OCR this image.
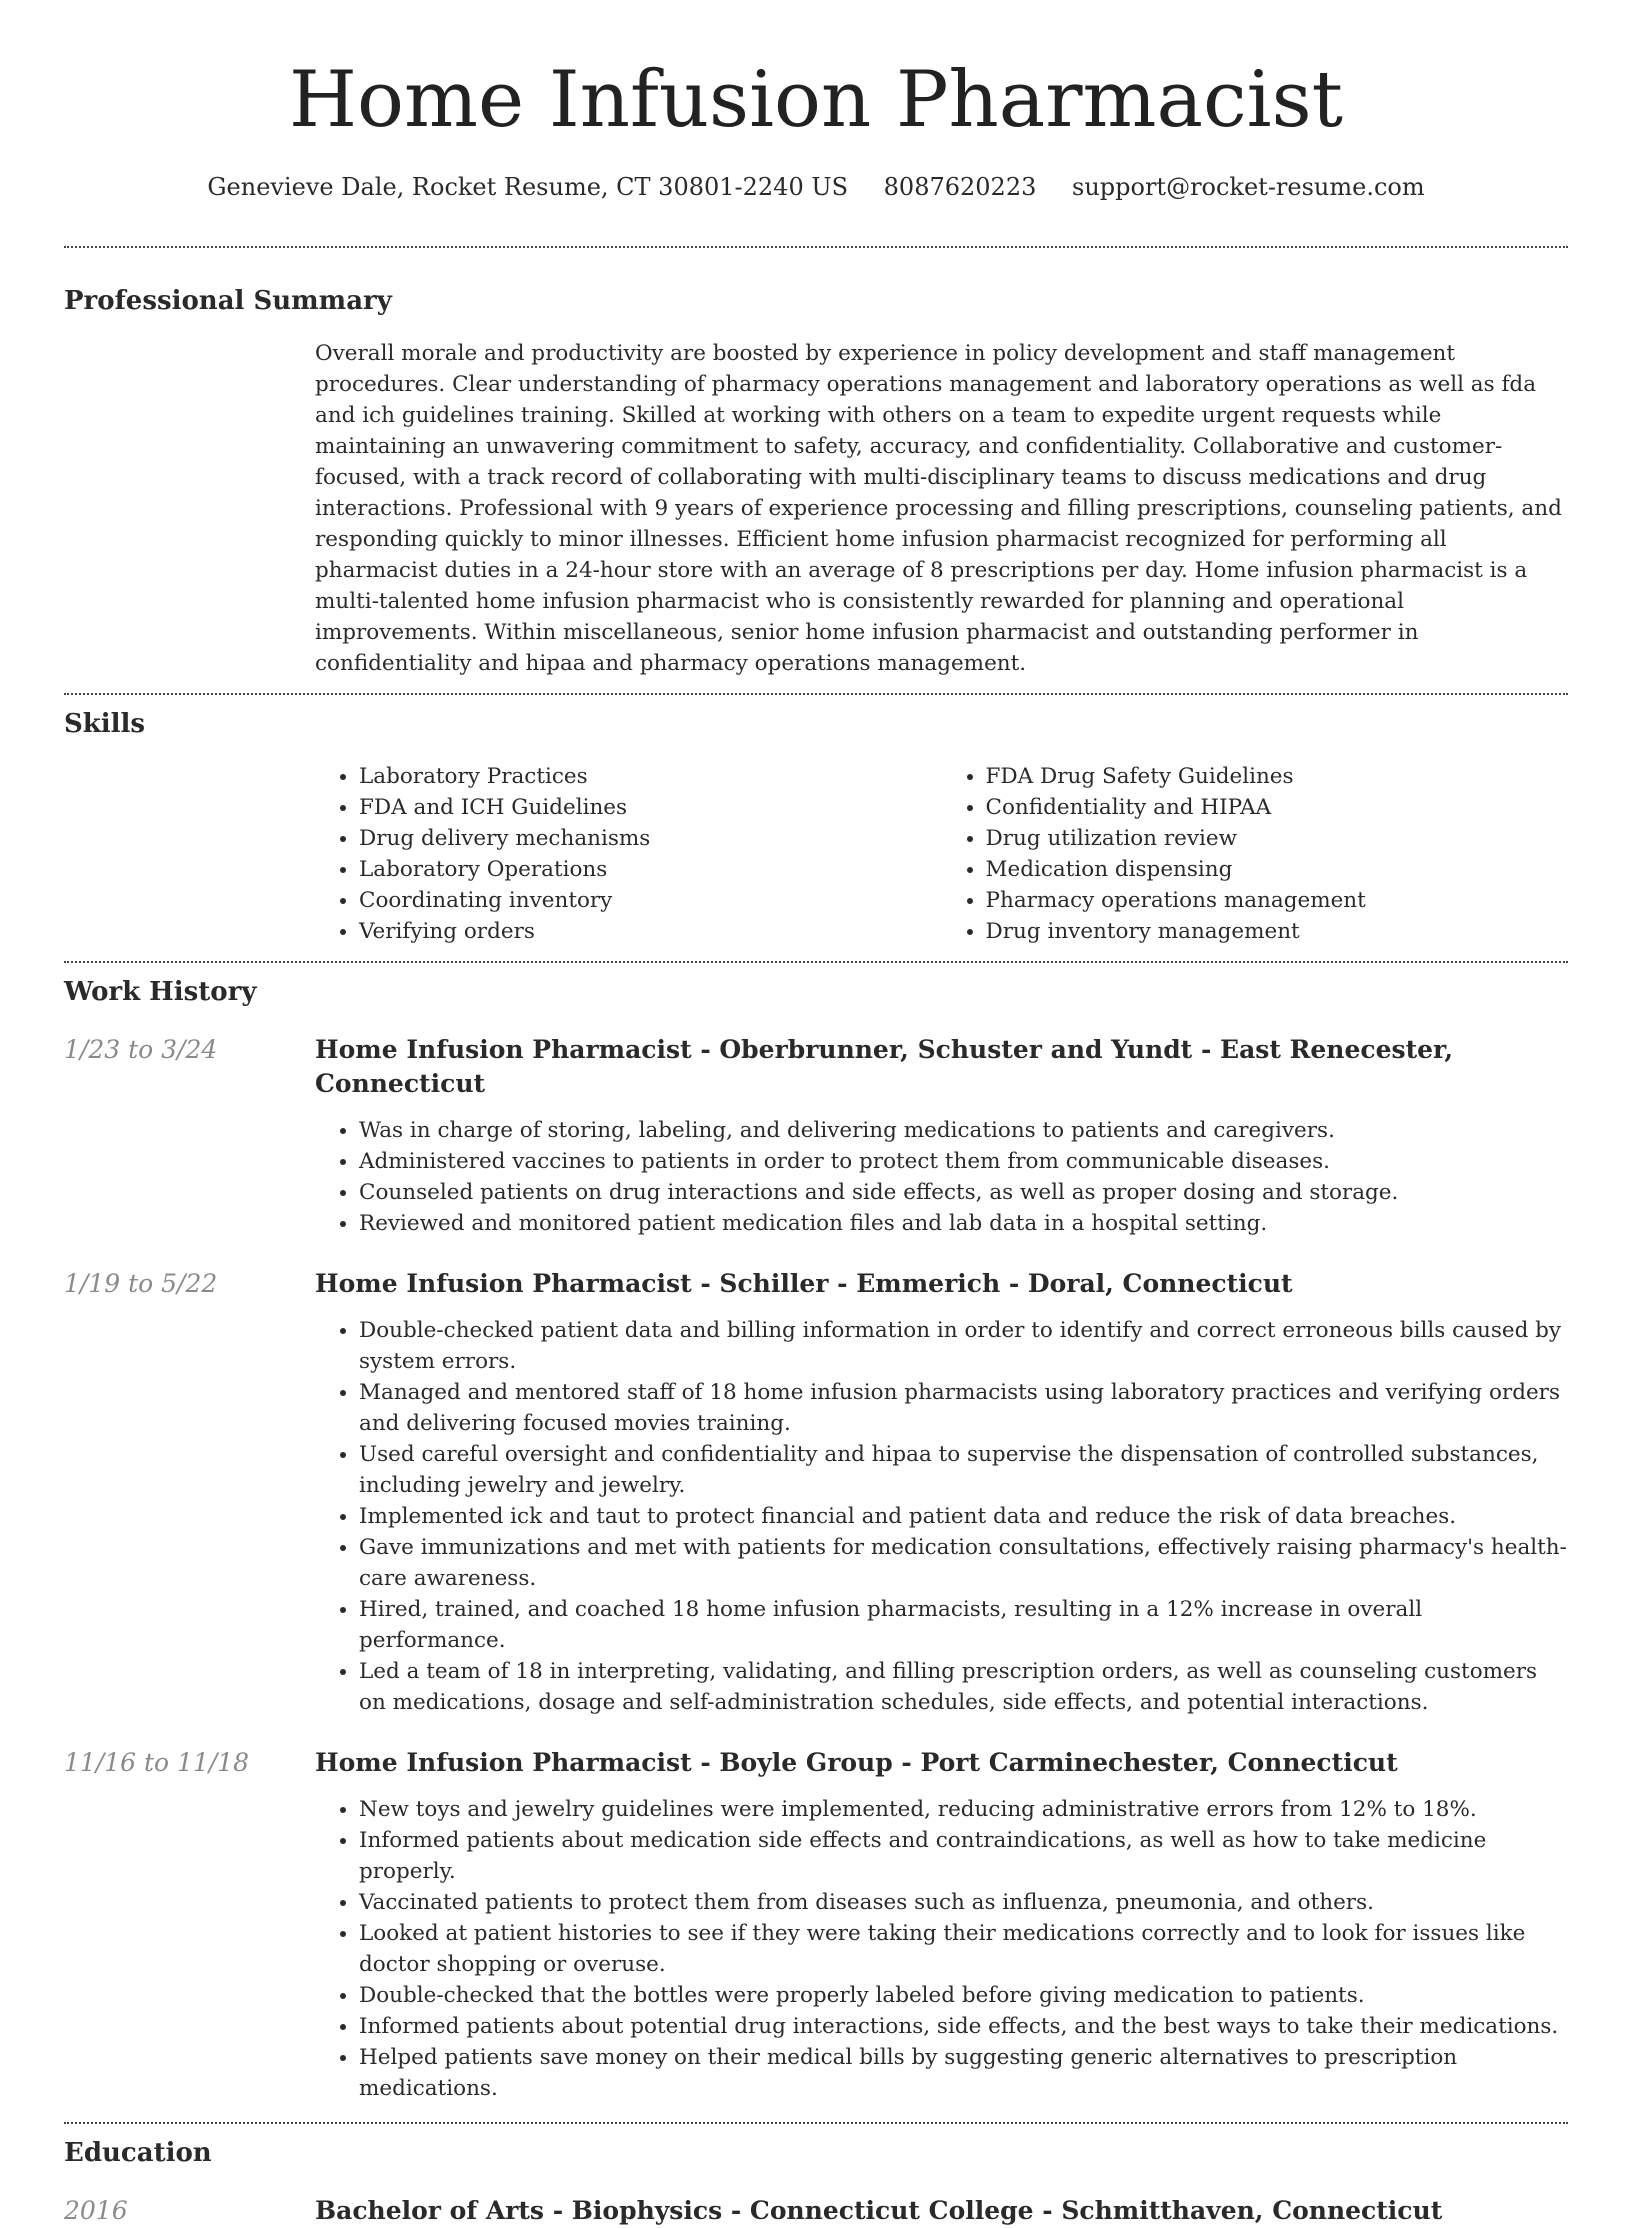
Home Infusion Pharmacist
Genevieve Dale, Rocket Resume, CT 30801-2240 US 8087620223 support@rocket-resume.com
Professional Summary

Overall morale and productivity are boosted by experience in policy development and staff management procedures. Clear understanding of pharmacy operations management and laboratory operations as well as fda and ich guidelines training. Skilled at working with others on a team to expedite urgent requests while maintaining an unwavering commitment to safety, accuracy, and confidentiality. Collaborative and customer-focused, with a track record of collaborating with multi-disciplinary teams to discuss medications and drug interactions. Professional with 9 years of experience processing and filling prescriptions, counseling patients, and responding quickly to minor illnesses. Efficient home infusion pharmacist recognized for performing all pharmacist duties in a 24-hour store with an average of 8 prescriptions per day. Home infusion pharmacist is a multi-talented home infusion pharmacist who is consistently rewarded for planning and operational improvements. Within miscellaneous, senior home infusion pharmacist and outstanding performer in confidentiality and hipaa and pharmacy operations management.

Skills
• Laboratory Practices
• FDA and ICH Guidelines
• Drug delivery mechanisms
• Laboratory Operations
• Coordinating inventory
• Verifying orders
• FDA Drug Safety Guidelines
• Confidentiality and HIPAA
• Drug utilization review
• Medication dispensing
• Pharmacy operations management
• Drug inventory management
Work History
1/23 to 3/24	Home Infusion Pharmacist - Oberbrunner, Schuster and Yundt - East Renecester, Connecticut
• Was in charge of storing, labeling, and delivering medications to patients and caregivers.
• Administered vaccines to patients in order to protect them from communicable diseases.
• Counseled patients on drug interactions and side effects, as well as proper dosing and storage.
• Reviewed and monitored patient medication files and lab data in a hospital setting.
1/19 to 5/22	Home Infusion Pharmacist - Schiller - Emmerich - Doral, Connecticut
• Double-checked patient data and billing information in order to identify and correct erroneous bills caused by system errors.
• Managed and mentored staff of 18 home infusion pharmacists using laboratory practices and verifying orders and delivering focused movies training.
• Used careful oversight and confidentiality and hipaa to supervise the dispensation of controlled substances, including jewelry and jewelry.
• Implemented ick and taut to protect financial and patient data and reduce the risk of data breaches.
• Gave immunizations and met with patients for medication consultations, effectively raising pharmacy's health-care awareness.
• Hired, trained, and coached 18 home infusion pharmacists, resulting in a 12% increase in overall performance.
• Led a team of 18 in interpreting, validating, and filling prescription orders, as well as counseling customers on medications, dosage and self-administration schedules, side effects, and potential interactions.
11/16 to 11/18	Home Infusion Pharmacist - Boyle Group - Port Carminechester, Connecticut
• New toys and jewelry guidelines were implemented, reducing administrative errors from 12% to 18%.
• Informed patients about medication side effects and contraindications, as well as how to take medicine properly.
• Vaccinated patients to protect them from diseases such as influenza, pneumonia, and others.
• Looked at patient histories to see if they were taking their medications correctly and to look for issues like doctor shopping or overuse.
• Double-checked that the bottles were properly labeled before giving medication to patients.
• Informed patients about potential drug interactions, side effects, and the best ways to take their medications.
• Helped patients save money on their medical bills by suggesting generic alternatives to prescription medications.
Education
2016	Bachelor of Arts - Biophysics - Connecticut College - Schmitthaven, Connecticut
